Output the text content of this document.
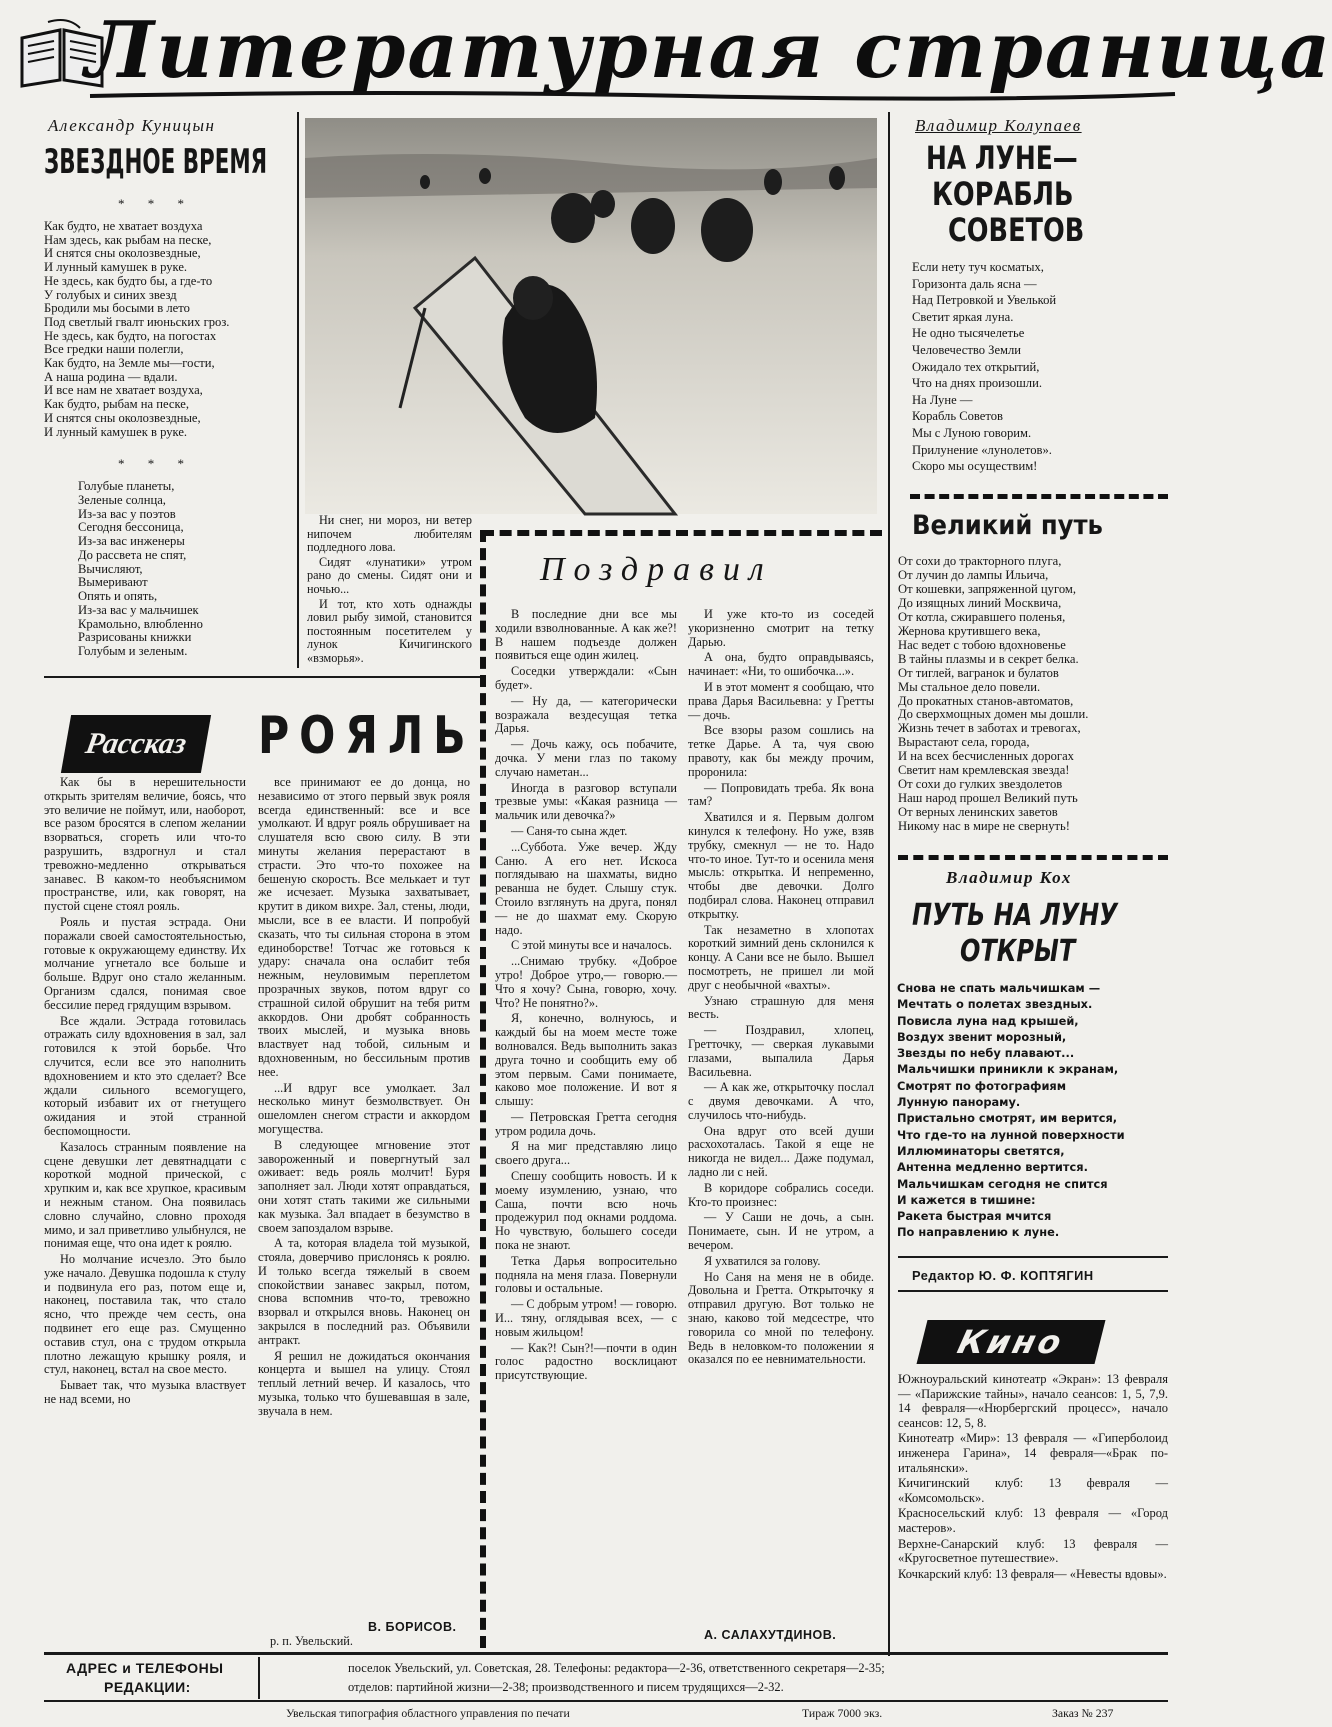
Литературная страница
Александр Куницын
ЗВЕЗДНОЕ ВРЕМЯ
* * *
Как будто, не хватает воздуха
Нам здесь, как рыбам на песке,
И снятся сны околозвездные,
И лунный камушек в руке.
Не здесь, как будто бы, а где-то
У голубых и синих звезд
Бродили мы босыми в лето
Под светлый гвалт июньских гроз.
Не здесь, как будто, на погостах
Все гредки наши полегли,
Как будто, на Земле мы—гости,
А наша родина — вдали.
И все нам не хватает воздуха,
Как будто, рыбам на песке,
И снятся сны околозвездные,
И лунный камушек в руке.
* * *
Голубые планеты,
Зеленые солнца,
Из-за вас у поэтов
Сегодня бессоница,
Из-за вас инженеры
До рассвета не спят,
Вычисляют,
Вымеривают
Опять и опять,
Из-за вас у мальчишек
Крамольно, влюбленно
Разрисованы книжки
Голубым и зеленым.

Ни снег, ни мороз, ни ветер нипочем любителям подледного лова.

Сидят «лунатики» утром рано до смены. Сидят они и ночью...

И тот, кто хоть однажды ловил рыбу зимой, становится постоянным посетителем у лунок Кичигинского «взморья».

Поздравил

В последние дни все мы ходили взволнованные. А как же?! В нашем подъезде должен появиться еще один жилец.

Соседки утверждали: «Сын будет».

— Ну да, — категорически возражала вездесущая тетка Дарья.

— Дочь кажу, ось побачите, дочка. У мени глаз по такому случаю наметан...

Иногда в разговор вступали трезвые умы: «Какая разница — мальчик или девочка?»

— Саня-то сына ждет.

...Суббота. Уже вечер. Жду Саню. А его нет. Искоса поглядываю на шахматы, видно реванша не будет. Слышу стук. Стоило взглянуть на друга, понял — не до шахмат ему. Скорую надо.

С этой минуты все и началось.

...Снимаю трубку. «Доброе утро! Доброе утро,— говорю.— Что я хочу? Сына, говорю, хочу. Что? Не понятно?».

Я, конечно, волнуюсь, и каждый бы на моем месте тоже волновался. Ведь выполнить заказ друга точно и сообщить ему об этом первым. Сами понимаете, каково мое положение. И вот я слышу:

— Петровская Гретта сегодня утром родила дочь.

Я на миг представляю лицо своего друга...

Спешу сообщить новость. И к моему изумлению, узнаю, что Саша, почти всю ночь продежурил под окнами роддома. Но чувствую, большего соседи пока не знают.

Тетка Дарья вопросительно подняла на меня глаза. Повернули головы и остальные.

— С добрым утром! — говорю. И... тяну, оглядывая всех, — с новым жильцом!

— Как?! Сын?!—почти в один голос радостно восклицают присутствующие.

И уже кто-то из соседей укоризненно смотрит на тетку Дарью.

А она, будто оправдываясь, начинает: «Ни, то ошибочка...».

И в этот момент я сообщаю, что права Дарья Васильевна: у Гретты — дочь.

Все взоры разом сошлись на тетке Дарье. А та, чуя свою правоту, как бы между прочим, проронила:

— Попровидать треба. Як вона там?

Хватился и я. Первым долгом кинулся к телефону. Но уже, взяв трубку, смекнул — не то. Надо что-то иное. Тут-то и осенила меня мысль: открытка. И непременно, чтобы две девочки. Долго подбирал слова. Наконец отправил открытку.

Так незаметно в хлопотах короткий зимний день склонился к концу. А Сани все не было. Вышел посмотреть, не пришел ли мой друг с необычной «вахты».

Узнаю страшную для меня весть.

— Поздравил, хлопец, Гретточку, — сверкая лукавыми глазами, выпалила Дарья Васильевна.

— А как же, открыточку послал с двумя девочками. А что, случилось что-нибудь.

Она вдруг ото всей души расхохоталась. Такой я еще не никогда не видел... Даже подумал, ладно ли с ней.

В коридоре собрались соседи. Кто-то произнес:

— У Саши не дочь, а сын. Понимаете, сын. И не утром, а вечером.

Я ухватился за голову.

Но Саня на меня не в обиде. Довольна и Гретта. Открыточку я отправил другую. Вот только не знаю, каково той медсестре, что говорила со мной по телефону. Ведь в неловком-то положении я оказался по ее невнимательности.

А. САЛАХУТДИНОВ.
Рассказ	РОЯЛЬ

Как бы в нерешительности открыть зрителям величие, боясь, что это величие не поймут, или, наоборот, все разом бросятся в слепом желании взорваться, сгореть или что-то разрушить, вздрогнул и стал тревожно-медленно открываться занавес. В каком-то необъяснимом пространстве, или, как говорят, на пустой сцене стоял рояль.

Рояль и пустая эстрада. Они поражали своей самостоятельностью, готовые к окружающему единству. Их молчание угнетало все больше и больше. Вдруг оно стало желанным. Организм сдался, понимая свое бессилие перед грядущим взрывом.

Все ждали. Эстрада готовилась отражать силу вдохновения в зал, зал готовился к этой борьбе. Что случится, если все это наполнить вдохновением и кто это сделает? Все ждали сильного всемогущего, который избавит их от гнетущего ожидания и этой странной беспомощности.

Казалось странным появление на сцене девушки лет девятнадцати с короткой модной прической, с хрупким и, как все хрупкое, красивым и нежным станом. Она появилась словно случайно, словно проходя мимо, и зал приветливо улыбнулся, не понимая еще, что она идет к роялю.

Но молчание исчезло. Это было уже начало. Девушка подошла к стулу и подвинула его раз, потом еще и, наконец, поставила так, что стало ясно, что прежде чем сесть, она подвинет его еще раз. Смущенно оставив стул, она с трудом открыла плотно лежащую крышку рояля, и стул, наконец, встал на свое место.

Бывает так, что музыка властвует не над всеми, но

все принимают ее до донца, но независимо от этого первый звук рояля всегда единственный: все и все умолкают. И вдруг рояль обрушивает на слушателя всю свою силу. В эти минуты желания перерастают в страсти. Это что-то похожее на бешеную скорость. Все мелькает и тут же исчезает. Музыка захватывает, крутит в диком вихре. Зал, стены, люди, мысли, все в ее власти. И попробуй сказать, что ты сильная сторона в этом единоборстве! Тотчас же готовься к удару: сначала она ослабит тебя нежным, неуловимым переплетом прозрачных звуков, потом вдруг со страшной силой обрушит на тебя ритм аккордов. Они дробят собранность твоих мыслей, и музыка вновь властвует над тобой, сильным и вдохновенным, но бессильным против нее.

...И вдруг все умолкает. Зал несколько минут безмолвствует. Он ошеломлен снегом страсти и аккордом могущества.

В следующее мгновение этот завороженный и повергнутый зал оживает: ведь рояль молчит! Буря заполняет зал. Люди хотят оправдаться, они хотят стать такими же сильными как музыка. Зал впадает в безумство в своем запоздалом взрыве.

А та, которая владела той музыкой, стояла, доверчиво прислонясь к роялю. И только всегда тяжелый в своем спокойствии занавес закрыл, потом, снова вспомнив что-то, тревожно взорвал и открылся вновь. Наконец он закрылся в последний раз. Объявили антракт.

Я решил не дожидаться окончания концерта и вышел на улицу. Стоял теплый летний вечер. И казалось, что музыка, только что бушевавшая в зале, звучала в нем.

В. БОРИСОВ.
р. п. Увельский.
Владимир Колупаев
НА ЛУНЕ—
КОРАБЛЬ
СОВЕТОВ
Если нету туч косматых,
Горизонта даль ясна —
Над Петровкой и Увелькой
Светит яркая луна.
Не одно тысячелетье
Человечество Земли
Ожидало тех открытий,
Что на днях произошли.
На Луне —
Корабль Советов
Мы с Луною говорим.
Прилунение «лунолетов».
Скоро мы осуществим!
Великий путь
От сохи до тракторного плуга,
От лучин до лампы Ильича,
От кошевки, запряженной цугом,
До изящных линий Москвича,
От котла, сжиравшего поленья,
Жернова крутившего века,
Нас ведет с тобою вдохновенье
В тайны плазмы и в секрет белка.
От тиглей, вагранок и булатов
Мы стальное дело повели.
До прокатных станов-автоматов,
До сверхмощных домен мы дошли.
Жизнь течет в заботах и тревогах,
Вырастают села, города,
И на всех бесчисленных дорогах
Светит нам кремлевская звезда!
От сохи до гулких звездолетов
Наш народ прошел Великий путь
От верных ленинских заветов
Никому нас в мире не свернуть!
Владимир Кох
ПУТЬ НА ЛУНУ
ОТКРЫТ
Снова не спать мальчишкам —
Мечтать о полетах звездных.
Повисла луна над крышей,
Воздух звенит морозный,
Звезды по небу плавают...
Мальчишки приникли к экранам,
Смотрят по фотографиям
Лунную панораму.
Пристально смотрят, им верится,
Что где-то на лунной поверхности
Иллюминаторы светятся,
Антенна медленно вертится.
Мальчишкам сегодня не спится
И кажется в тишине:
Ракета быстрая мчится
По направлению к луне.
Редактор Ю. Ф. КОПТЯГИН
Кино

Южноуральский кинотеатр «Экран»: 13 февраля — «Парижские тайны», начало сеансов: 1, 5, 7,9. 14 февраля—«Нюрбергский процесс», начало сеансов: 12, 5, 8.

Кинотеатр «Мир»: 13 февраля — «Гиперболоид инженера Гарина», 14 февраля—«Брак по-итальянски».

Кичигинский клуб: 13 февраля — «Комсомольск».

Красносельский клуб: 13 февраля — «Город мастеров».

Верхне-Санарский клуб: 13 февраля — «Кругосветное путешествие».

Кочкарский клуб: 13 февраля— «Невесты вдовы».

АДРЕС и ТЕЛЕФОНЫ
РЕДАКЦИИ:
поселок Увельский, ул. Советская, 28. Телефоны: редактора—2-36, ответственного секретаря—2-35;
отделов: партийной жизни—2-38; производственного и писем трудящихся—2-32.
Увельская типография областного управления по печати	Тираж 7000 экз.	Заказ № 237
